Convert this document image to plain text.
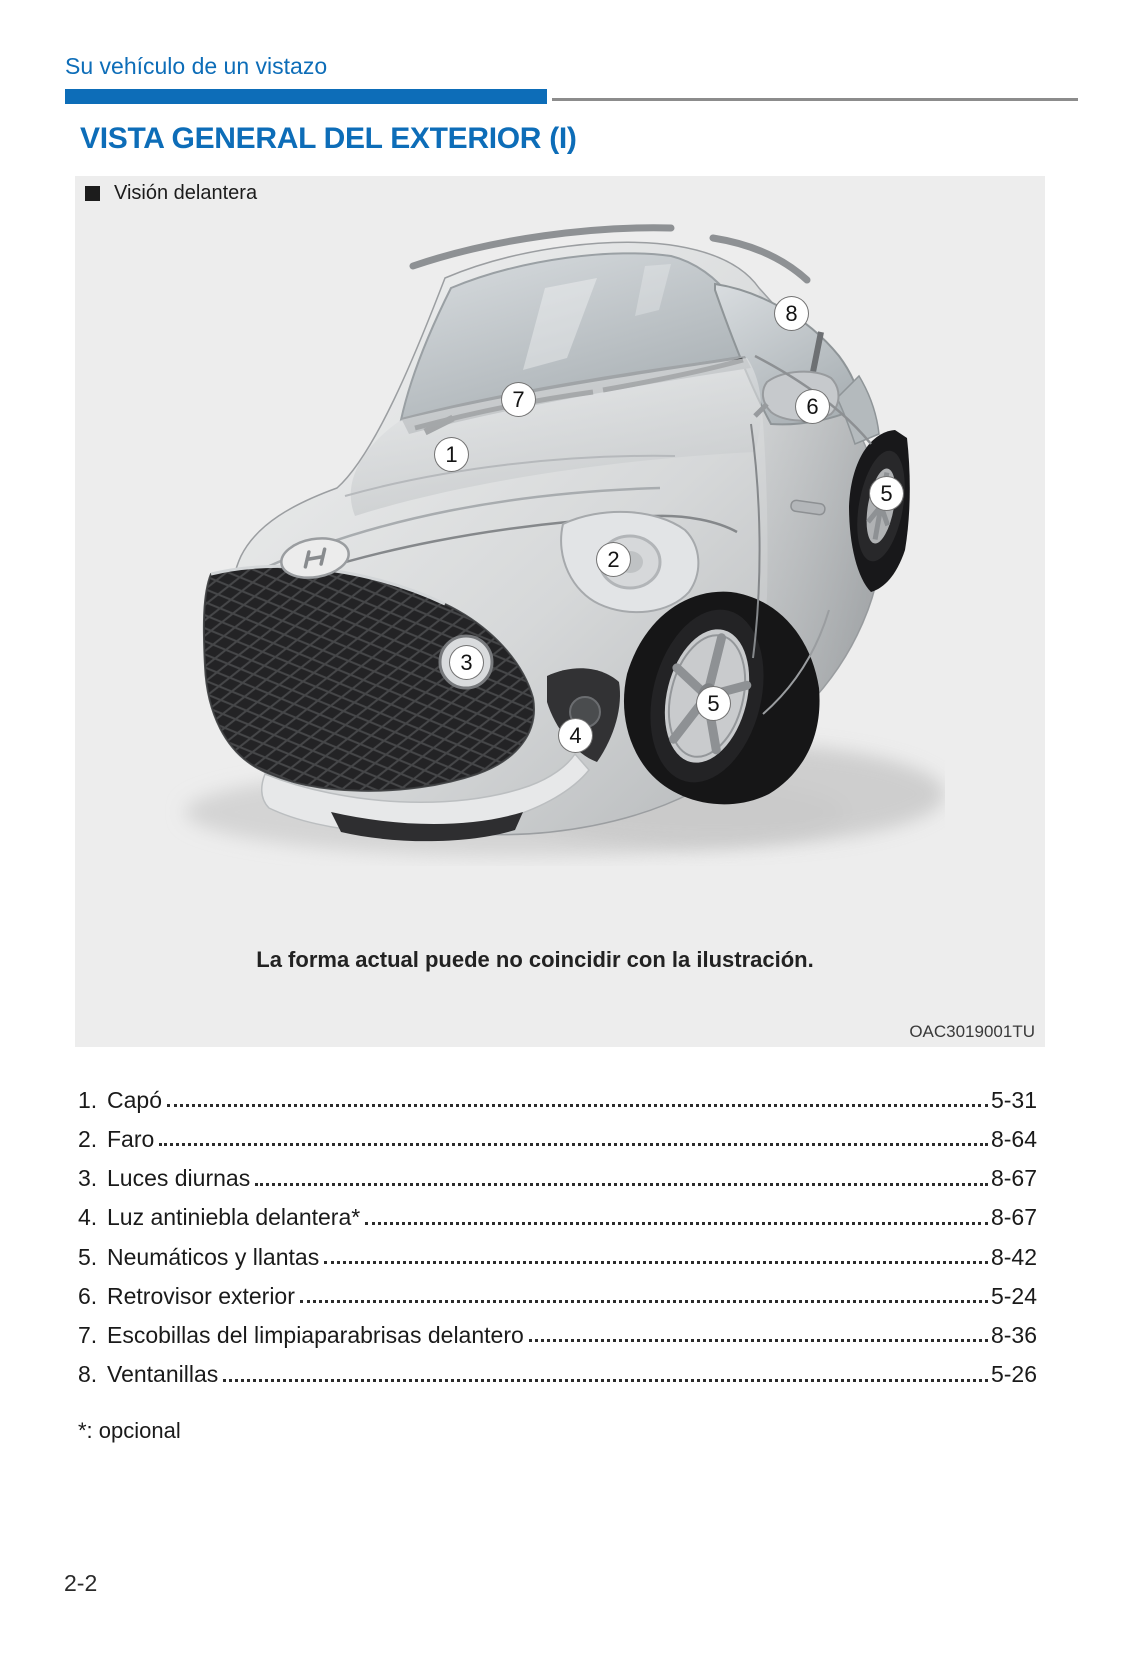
Su vehículo de un vistazo
VISTA GENERAL DEL EXTERIOR (I)
Visión delantera
1
2
3
4
5
5
6
7
8
La forma actual puede no coincidir con la ilustración.
OAC3019001TU
1. Capó	5-31
2. Faro	8-64
3. Luces diurnas	8-67
4. Luz antiniebla delantera*	8-67
5. Neumáticos y llantas	8-42
6. Retrovisor exterior	5-24
7. Escobillas del limpiaparabrisas delantero	8-36
8. Ventanillas	5-26
*: opcional
2-2
